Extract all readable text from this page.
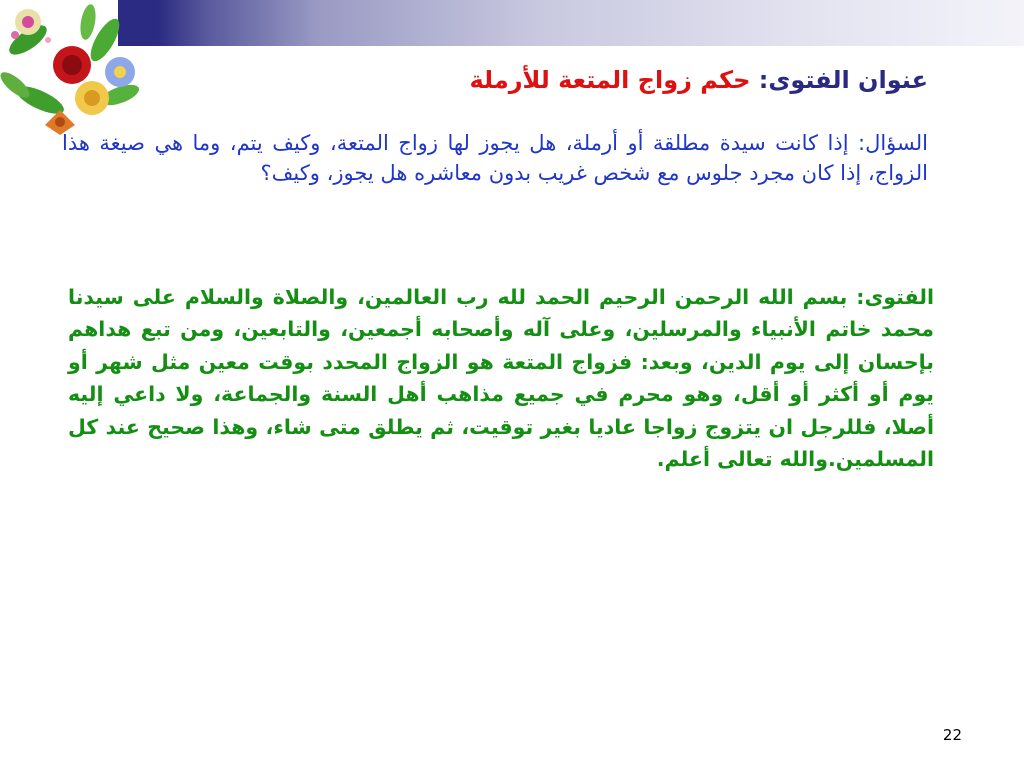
عنوان الفتوى: حكم زواج المتعة للأرملة
السؤال: إذا كانت سيدة مطلقة أو أرملة، هل يجوز لها زواج المتعة، وكيف يتم، وما هي صيغة هذا الزواج، إذا كان مجرد جلوس مع شخص غريب بدون معاشره هل يجوز، وكيف؟
الفتوى: بسم الله الرحمن الرحيم الحمد لله رب العالمين، والصلاة والسلام على سيدنا محمد خاتم الأنبياء والمرسلين، وعلى آله وأصحابه أجمعين، والتابعين، ومن تبع هداهم بإحسان إلى يوم الدين، وبعد: فزواج المتعة هو الزواج المحدد بوقت معين مثل شهر أو يوم أو أكثر أو أقل، وهو محرم في جميع مذاهب أهل السنة والجماعة، ولا داعي إليه أصلا، فللرجل ان يتزوج زواجا عاديا بغير توقيت، ثم يطلق متى شاء، وهذا صحيح عند كل المسلمين.والله تعالى أعلم.
22
